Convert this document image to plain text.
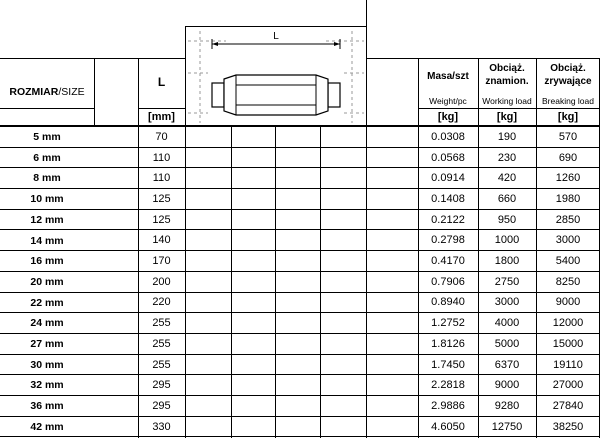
ROZMIAR /SIZE
L
[mm]
Masa/szt
Weight/pc
[kg]
Obciąż.
znamion.
Working load
[kg]
Obciąż.
zrywające
Breaking load
[kg]
L
5 mm	70	0.0308	190	570
6 mm	110	0.0568	230	690
8 mm	110	0.0914	420	1260
10 mm	125	0.1408	660	1980
12 mm	125	0.2122	950	2850
14 mm	140	0.2798	1000	3000
16 mm	170	0.4170	1800	5400
20 mm	200	0.7906	2750	8250
22 mm	220	0.8940	3000	9000
24 mm	255	1.2752	4000	12000
27 mm	255	1.8126	5000	15000
30 mm	255	1.7450	6370	19110
32 mm	295	2.2818	9000	27000
36 mm	295	2.9886	9280	27840
42 mm	330	4.6050	12750	38250
